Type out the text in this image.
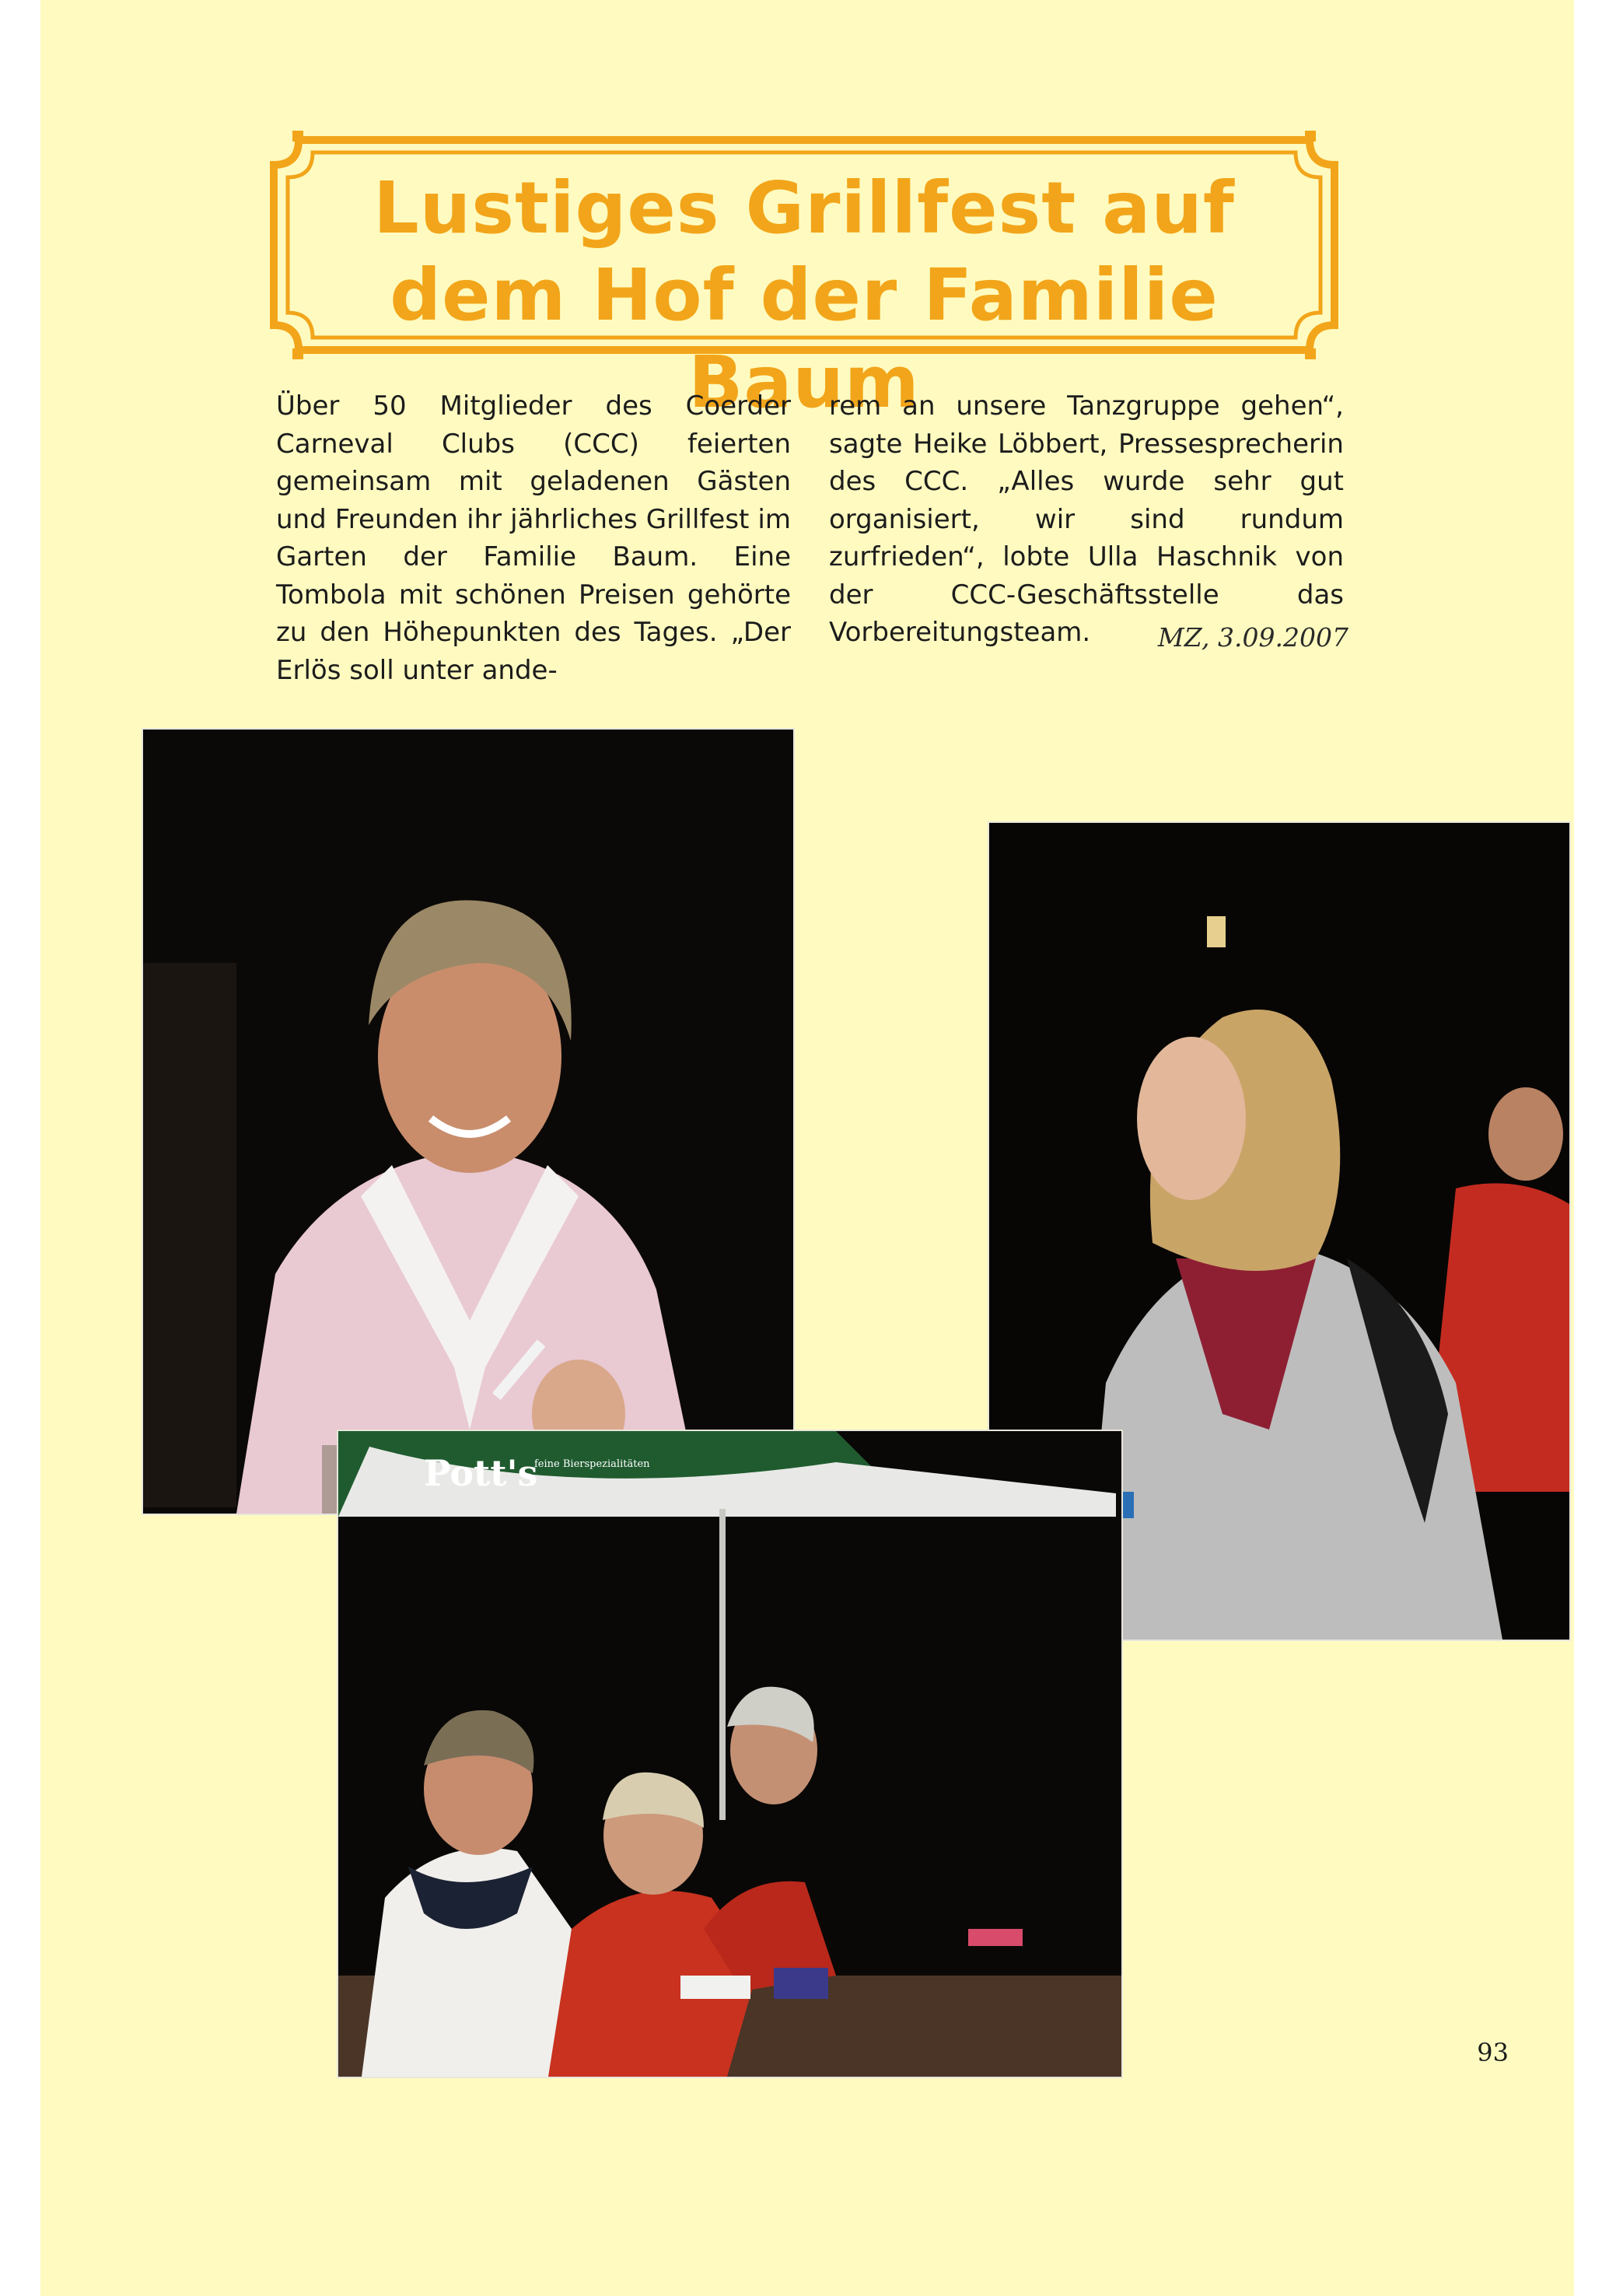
Lustiges Grillfest auf
dem Hof der Familie Baum
Über 50 Mitglieder des Coerder Carneval Clubs (CCC) feierten gemeinsam mit geladenen Gästen und Freunden ihr jährliches Grillfest im Garten der Familie Baum. Eine Tombola mit schönen Preisen gehörte zu den Höhepunkten des Tages. „Der Erlös soll unter ande-
rem an unsere Tanzgruppe gehen“, sagte Heike Löbbert, Pressesprecherin des CCC. „Alles wurde sehr gut organisiert, wir sind rundum zurfrieden“, lobte Ulla Haschnik von der CCC-Geschäftsstelle das Vorbereitungsteam.	MZ, 3.09.2007
Pott's
feine Bierspezialitäten
93
